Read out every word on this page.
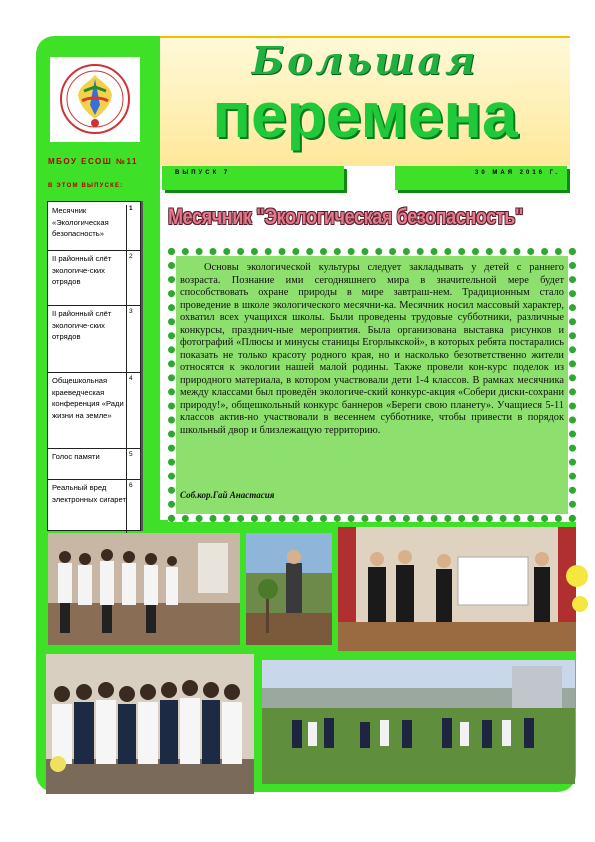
МБОУ ЕСОШ №11
В ЭТОМ ВЫПУСКЕ:
Месячник «Экологическая безопасность»
1
II районный слёт экологиче-ских отрядов
2
II районный слёт экологиче-ских отрядов
3
Общешкольная краеведческая конференция «Ради жизни на земле»
4
Голос памяти	5
Реальный вред электронных сигарет
6
Большая
перемена
ВЫПУСК 7	30 МАЯ 2016 Г.
Месячник "Экологическая безопасность"
Основы экологической культуры следует закладывать у детей с раннего возраста. Познание ими сегодняшнего мира в значительной мере будет способствовать охране природы в мире завтраш-нем. Традиционным стало проведение в школе экологического месячни-ка. Месячник носил массовый характер, охватил всех учащихся школы. Были проведены трудовые субботники, различные конкурсы, празднич-ные мероприятия. Была организована выставка рисунков и фотографий «Плюсы и минусы станицы Егорлыкской», в которых ребята постарались показать не только красоту родного края, но и насколько безответственно жители относятся к экологии нашей малой родины. Также провели кон-курс поделок из природного материала, в котором участвовали дети 1-4 классов. В рамках месячника между классами был проведён экологиче-ский конкурс-акция «Собери диски-сохрани природу!», общешкольный конкурс баннеров «Береги свою планету». Учащиеся 5-11 классов актив-но участвовали в весеннем субботнике, чтобы привести в порядок школьный двор и близлежащую территорию.
Соб.кор.Гай Анастасия
